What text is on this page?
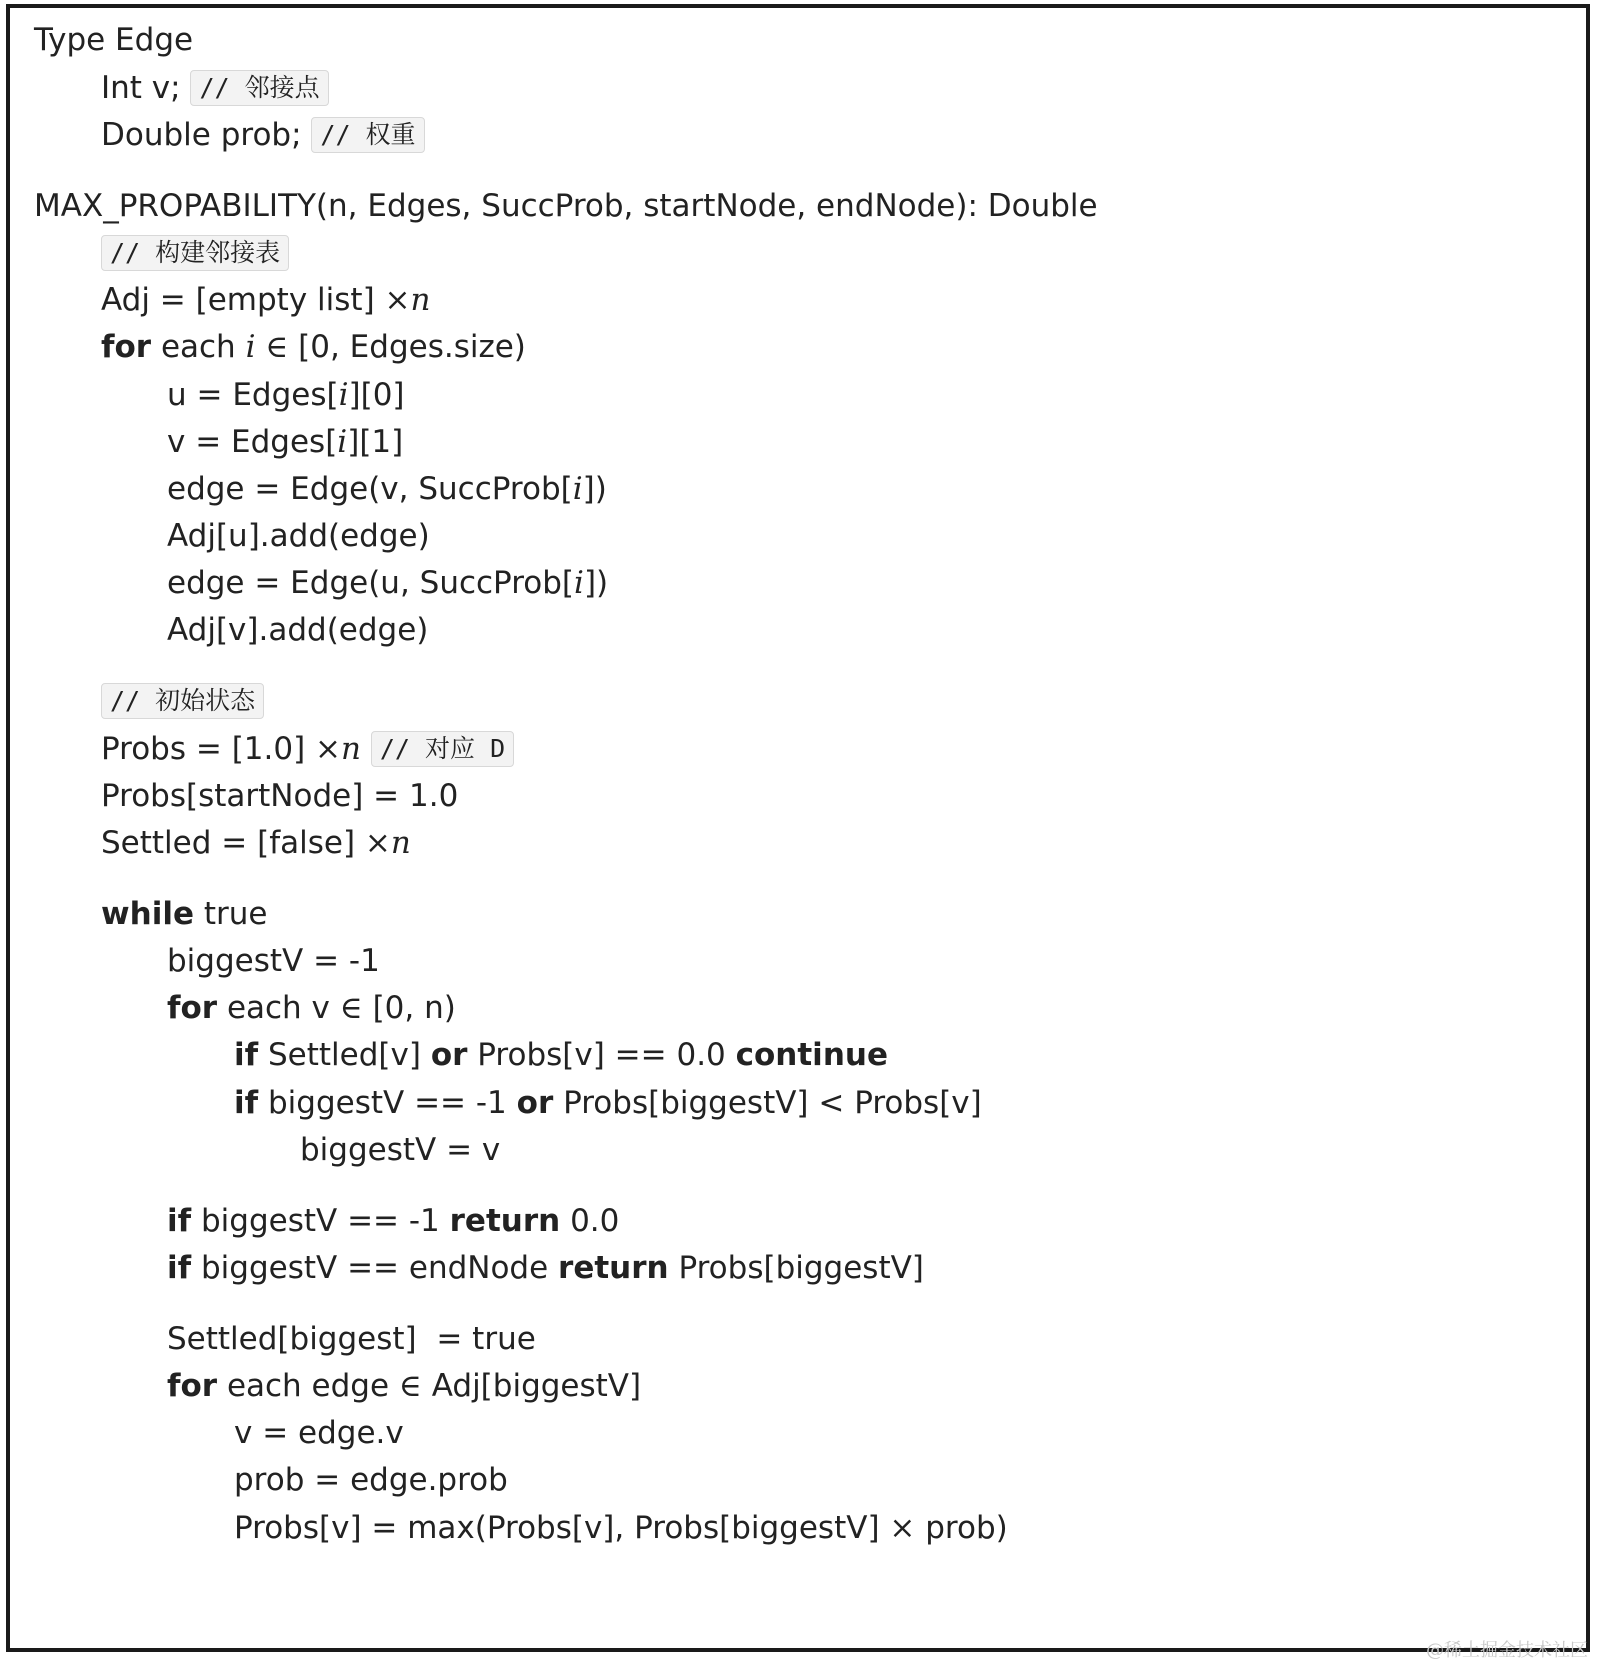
Type Edge
Int v; // 邻接点
Double prob; // 权重
MAX_PROPABILITY(n, Edges, SuccProb, startNode, endNode): Double
// 构建邻接表
Adj = [empty list] ×n
for each i ∈ [0, Edges.size)
u = Edges[i][0]
v = Edges[i][1]
edge = Edge(v, SuccProb[i])
Adj[u].add(edge)
edge = Edge(u, SuccProb[i])
Adj[v].add(edge)
// 初始状态
Probs = [1.0] ×n // 对应 D
Probs[startNode] = 1.0
Settled = [false] ×n
while true
biggestV = -1
for each v ∈ [0, n)
if Settled[v] or Probs[v] == 0.0 continue
if biggestV == -1 or Probs[biggestV] < Probs[v]
biggestV = v
if biggestV == -1 return 0.0
if biggestV == endNode return Probs[biggestV]
Settled[biggest]  = true
for each edge ∈ Adj[biggestV]
v = edge.v
prob = edge.prob
Probs[v] = max(Probs[v], Probs[biggestV] × prob)
@稀土掘金技术社区
